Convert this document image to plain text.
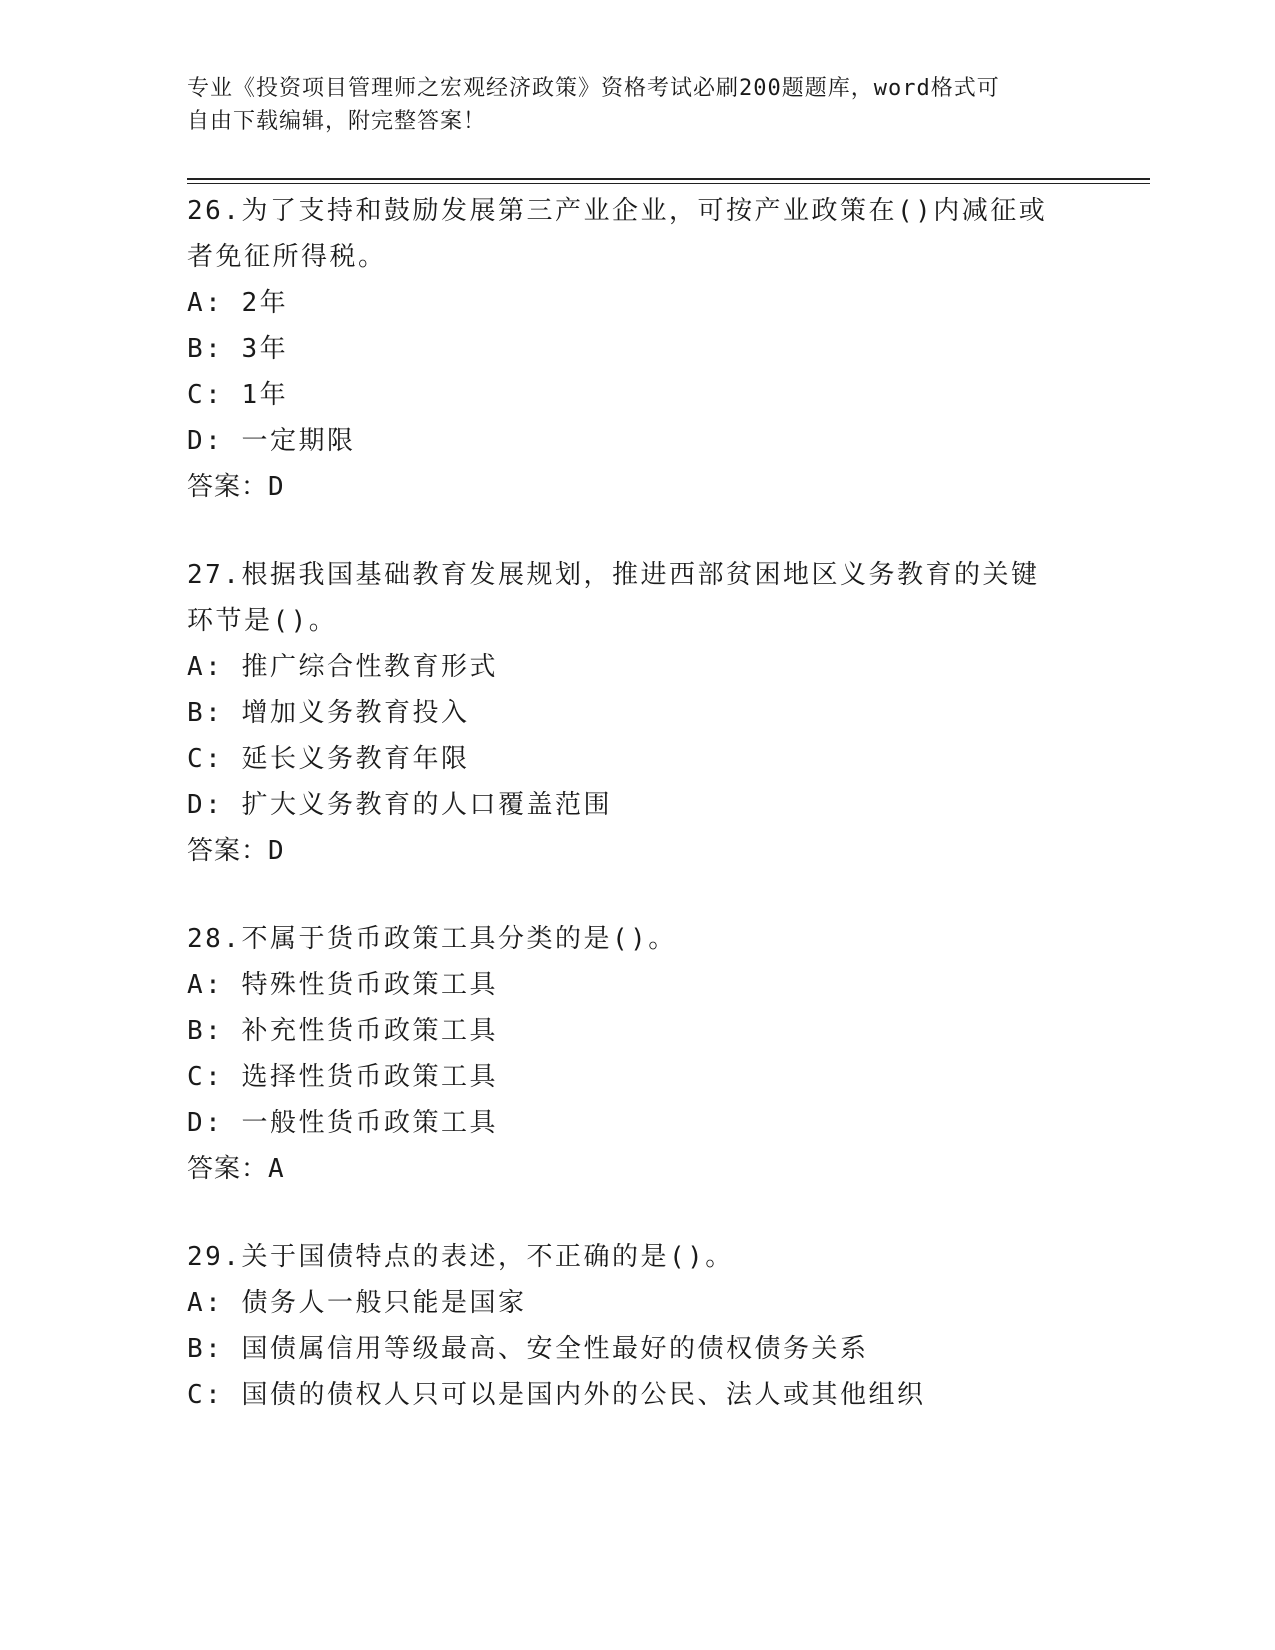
专业《投资项目管理师之宏观经济政策》资格考试必刷200题题库，word格式可
自由下载编辑，附完整答案！
26.为了支持和鼓励发展第三产业企业，可按产业政策在()内减征或者免征所得税。
A: 2年
B: 3年
C: 1年
D: 一定期限
答案：D
27.根据我国基础教育发展规划，推进西部贫困地区义务教育的关键环节是()。
A: 推广综合性教育形式
B: 增加义务教育投入
C: 延长义务教育年限
D: 扩大义务教育的人口覆盖范围
答案：D
28.不属于货币政策工具分类的是()。
A: 特殊性货币政策工具
B: 补充性货币政策工具
C: 选择性货币政策工具
D: 一般性货币政策工具
答案：A
29.关于国债特点的表述，不正确的是()。
A: 债务人一般只能是国家
B: 国债属信用等级最高、安全性最好的债权债务关系
C: 国债的债权人只可以是国内外的公民、法人或其他组织
